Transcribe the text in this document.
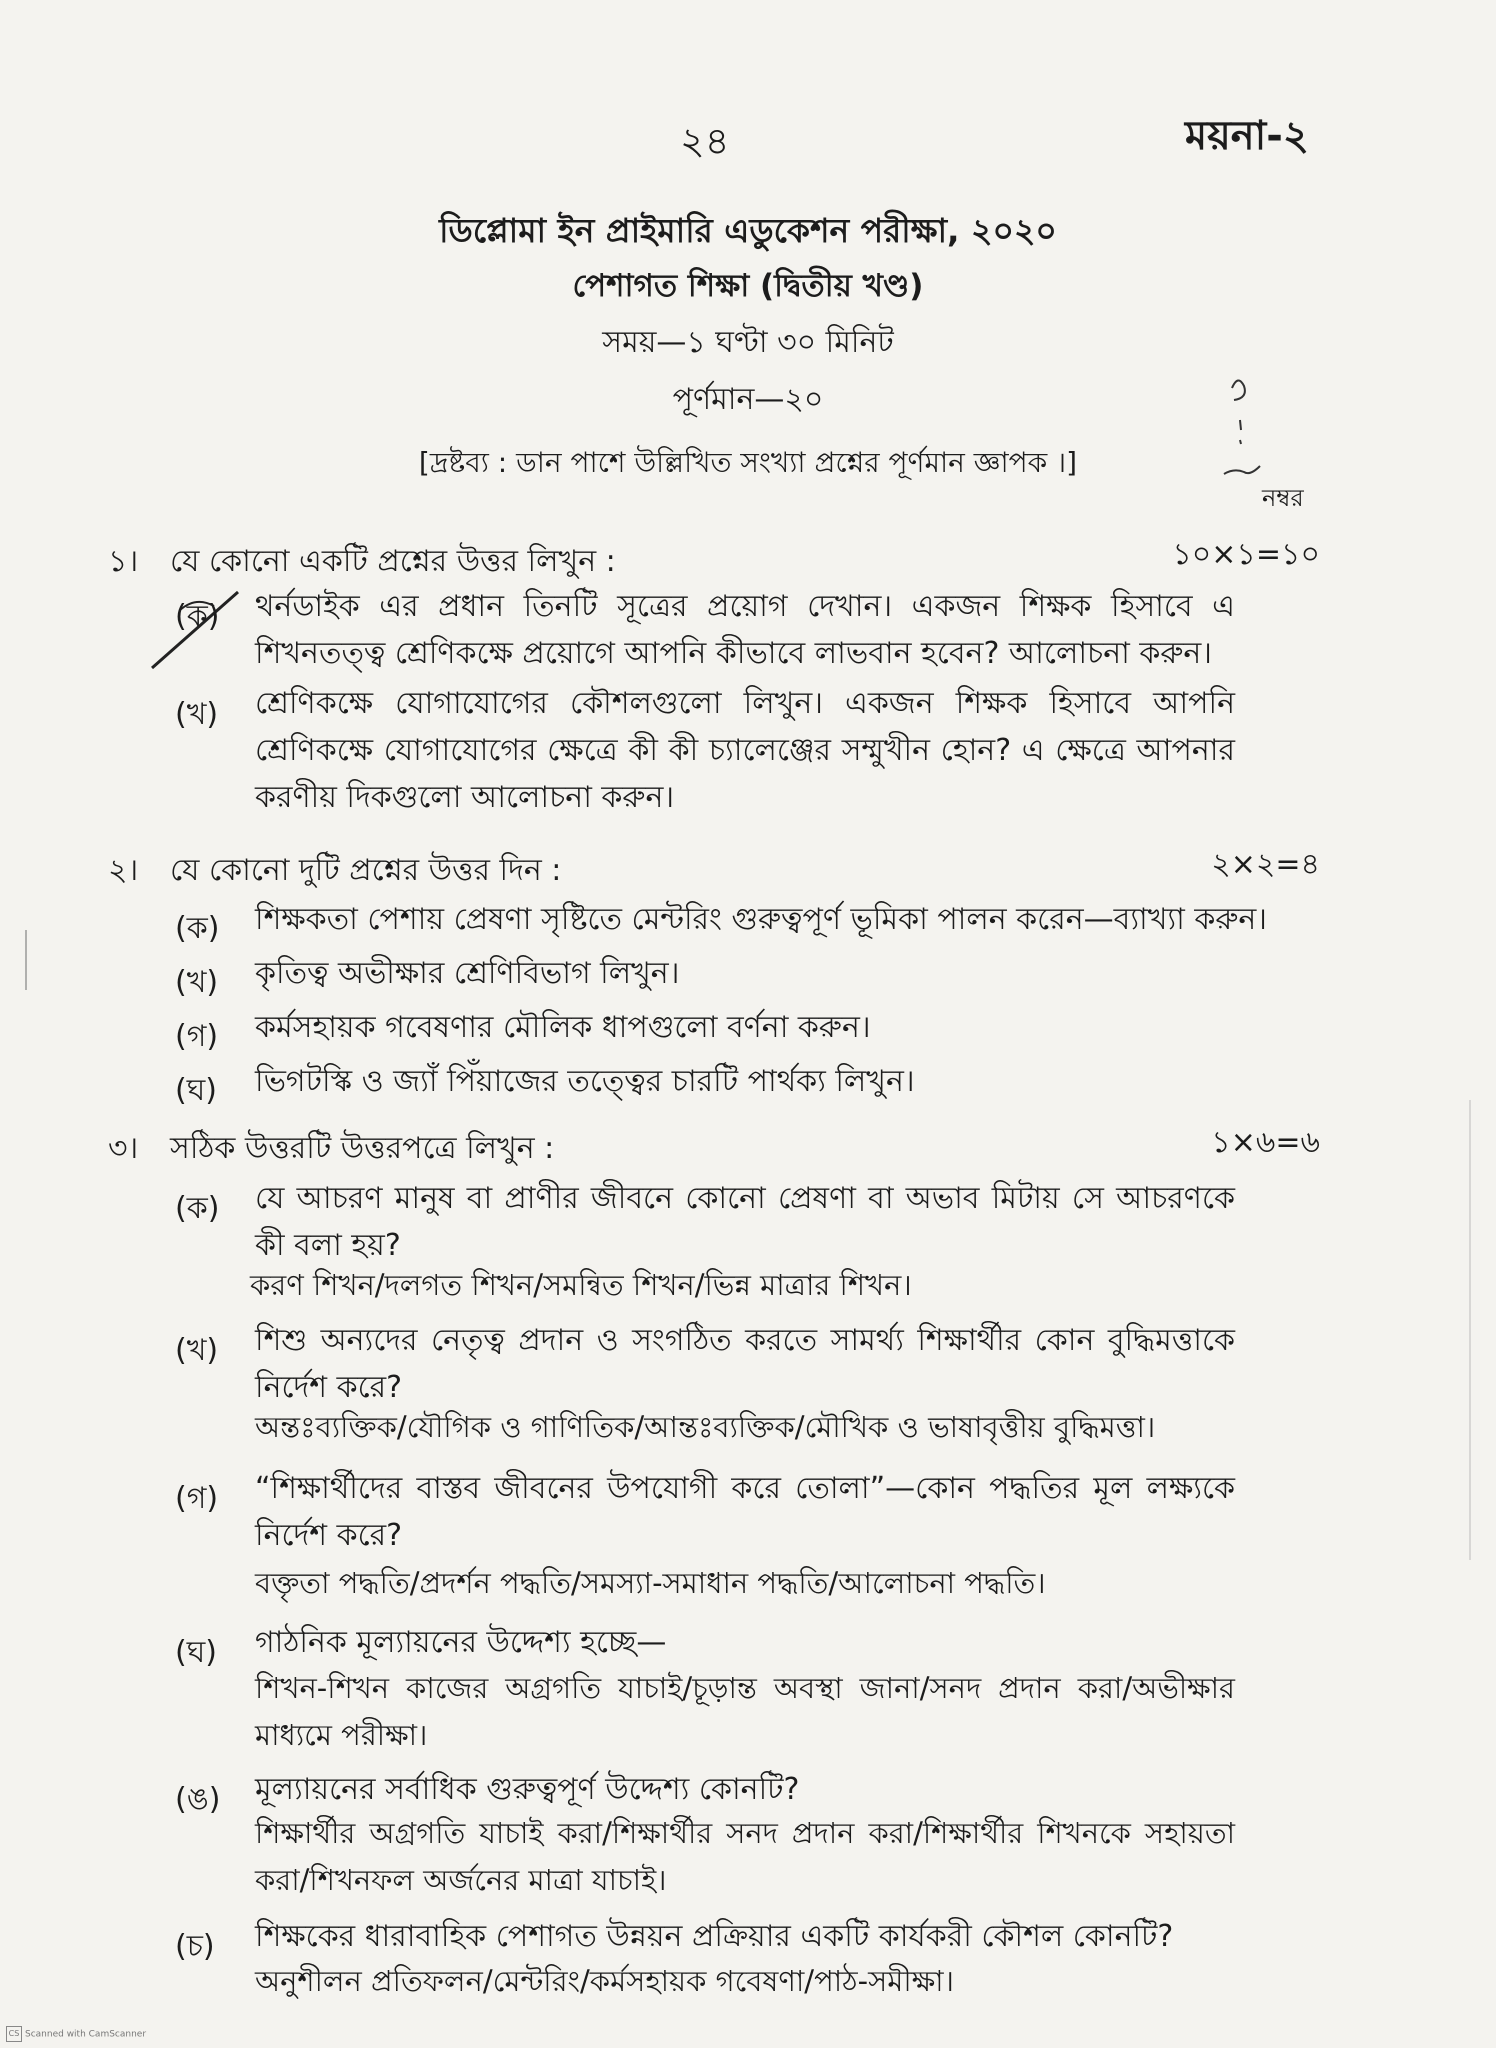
২৪	ময়না-২
ডিপ্লোমা ইন প্রাইমারি এডুকেশন পরীক্ষা, ২০২০
পেশাগত শিক্ষা (দ্বিতীয় খণ্ড)
সময়—১ ঘণ্টা ৩০ মিনিট
পূর্ণমান—২০
[দ্রষ্টব্য : ডান পাশে উল্লিখিত সংখ্যা প্রশ্নের পূর্ণমান জ্ঞাপক ।]
নম্বর
১। যে কোনো একটি প্রশ্নের উত্তর লিখুন :	১০×১=১০
(ক) থর্নডাইক এর প্রধান তিনটি সূত্রের প্রয়োগ দেখান। একজন শিক্ষক হিসাবে এ শিখনতত্ত্ব শ্রেণিকক্ষে প্রয়োগে আপনি কীভাবে লাভবান হবেন? আলোচনা করুন।
(খ) শ্রেণিকক্ষে যোগাযোগের কৌশলগুলো লিখুন। একজন শিক্ষক হিসাবে আপনি শ্রেণিকক্ষে যোগাযোগের ক্ষেত্রে কী কী চ্যালেঞ্জের সম্মুখীন হোন? এ ক্ষেত্রে আপনার করণীয় দিকগুলো আলোচনা করুন।
২। যে কোনো দুটি প্রশ্নের উত্তর দিন :	২×২=৪
(ক) শিক্ষকতা পেশায় প্রেষণা সৃষ্টিতে মেন্টরিং গুরুত্বপূর্ণ ভূমিকা পালন করেন—ব্যাখ্যা করুন।
(খ) কৃতিত্ব অভীক্ষার শ্রেণিবিভাগ লিখুন।
(গ) কর্মসহায়ক গবেষণার মৌলিক ধাপগুলো বর্ণনা করুন।
(ঘ) ভিগটস্কি ও জ্যাঁ পিঁয়াজের তত্ত্বের চারটি পার্থক্য লিখুন।
৩। সঠিক উত্তরটি উত্তরপত্রে লিখুন :	১×৬=৬
(ক) যে আচরণ মানুষ বা প্রাণীর জীবনে কোনো প্রেষণা বা অভাব মিটায় সে আচরণকে কী বলা হয়?
করণ শিখন/দলগত শিখন/সমন্বিত শিখন/ভিন্ন মাত্রার শিখন।
(খ) শিশু অন্যদের নেতৃত্ব প্রদান ও সংগঠিত করতে সামর্থ্য শিক্ষার্থীর কোন বুদ্ধিমত্তাকে নির্দেশ করে?
অন্তঃব্যক্তিক/যৌগিক ও গাণিতিক/আন্তঃব্যক্তিক/মৌখিক ও ভাষাবৃত্তীয় বুদ্ধিমত্তা।
(গ) “শিক্ষার্থীদের বাস্তব জীবনের উপযোগী করে তোলা”—কোন পদ্ধতির মূল লক্ষ্যকে নির্দেশ করে?
বক্তৃতা পদ্ধতি/প্রদর্শন পদ্ধতি/সমস্যা-সমাধান পদ্ধতি/আলোচনা পদ্ধতি।
(ঘ) গাঠনিক মূল্যায়নের উদ্দেশ্য হচ্ছে—
শিখন-শিখন কাজের অগ্রগতি যাচাই/চূড়ান্ত অবস্থা জানা/সনদ প্রদান করা/অভীক্ষার মাধ্যমে পরীক্ষা।
(ঙ) মূল্যায়নের সর্বাধিক গুরুত্বপূর্ণ উদ্দেশ্য কোনটি?
শিক্ষার্থীর অগ্রগতি যাচাই করা/শিক্ষার্থীর সনদ প্রদান করা/শিক্ষার্থীর শিখনকে সহায়তা করা/শিখনফল অর্জনের মাত্রা যাচাই।
(চ) শিক্ষকের ধারাবাহিক পেশাগত উন্নয়ন প্রক্রিয়ার একটি কার্যকরী কৌশল কোনটি?
অনুশীলন প্রতিফলন/মেন্টরিং/কর্মসহায়ক গবেষণা/পাঠ-সমীক্ষা।
CS Scanned with CamScanner
